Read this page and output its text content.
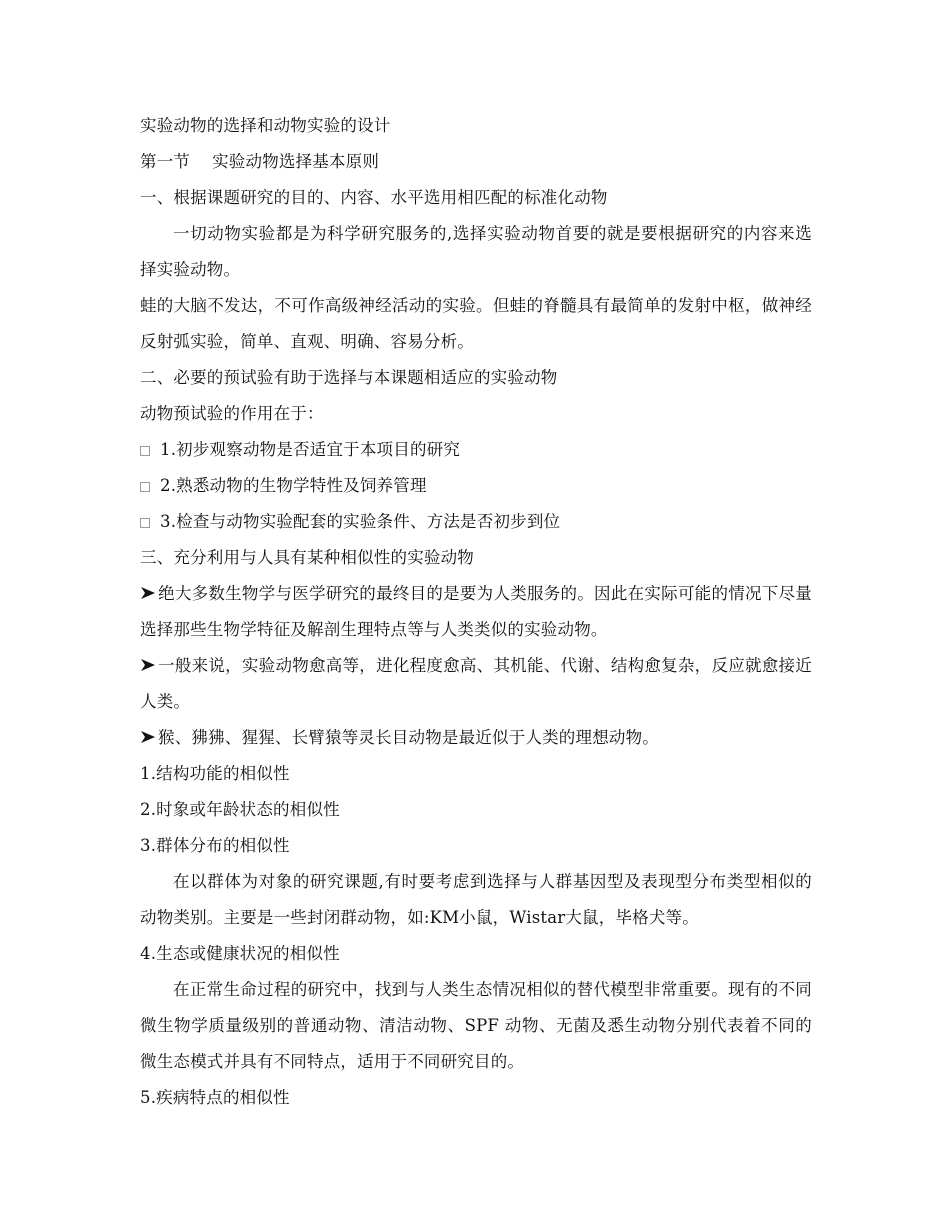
实验动物的选择和动物实验的设计

第一节 实验动物选择基本原则

一、根据课题研究的目的、内容、水平选用相匹配的标准化动物

一切动物实验都是为科学研究服务的,选择实验动物首要的就是要根据研究的内容来选择实验动物。

蛙的大脑不发达，不可作高级神经活动的实验。但蛙的脊髓具有最简单的发射中枢，做神经反射弧实验，简单、直观、明确、容易分析。

二、必要的预试验有助于选择与本课题相适应的实验动物

动物预试验的作用在于：

1.初步观察动物是否适宜于本项目的研究

2.熟悉动物的生物学特性及饲养管理

3.检查与动物实验配套的实验条件、方法是否初步到位

三、充分利用与人具有某种相似性的实验动物

绝大多数生物学与医学研究的最终目的是要为人类服务的。因此在实际可能的情况下尽量选择那些生物学特征及解剖生理特点等与人类类似的实验动物。

一般来说，实验动物愈高等，进化程度愈高、其机能、代谢、结构愈复杂，反应就愈接近人类。

猴、狒狒、猩猩、长臂猿等灵长目动物是最近似于人类的理想动物。

1.结构功能的相似性

2.时象或年龄状态的相似性

3.群体分布的相似性

在以群体为对象的研究课题,有时要考虑到选择与人群基因型及表现型分布类型相似的动物类别。主要是一些封闭群动物，如:KM小鼠，Wistar大鼠，毕格犬等。

4.生态或健康状况的相似性

在正常生命过程的研究中，找到与人类生态情况相似的替代模型非常重要。现有的不同微生物学质量级别的普通动物、清洁动物、SPF 动物、无菌及悉生动物分别代表着不同的微生态模式并具有不同特点，适用于不同研究目的。

5.疾病特点的相似性
